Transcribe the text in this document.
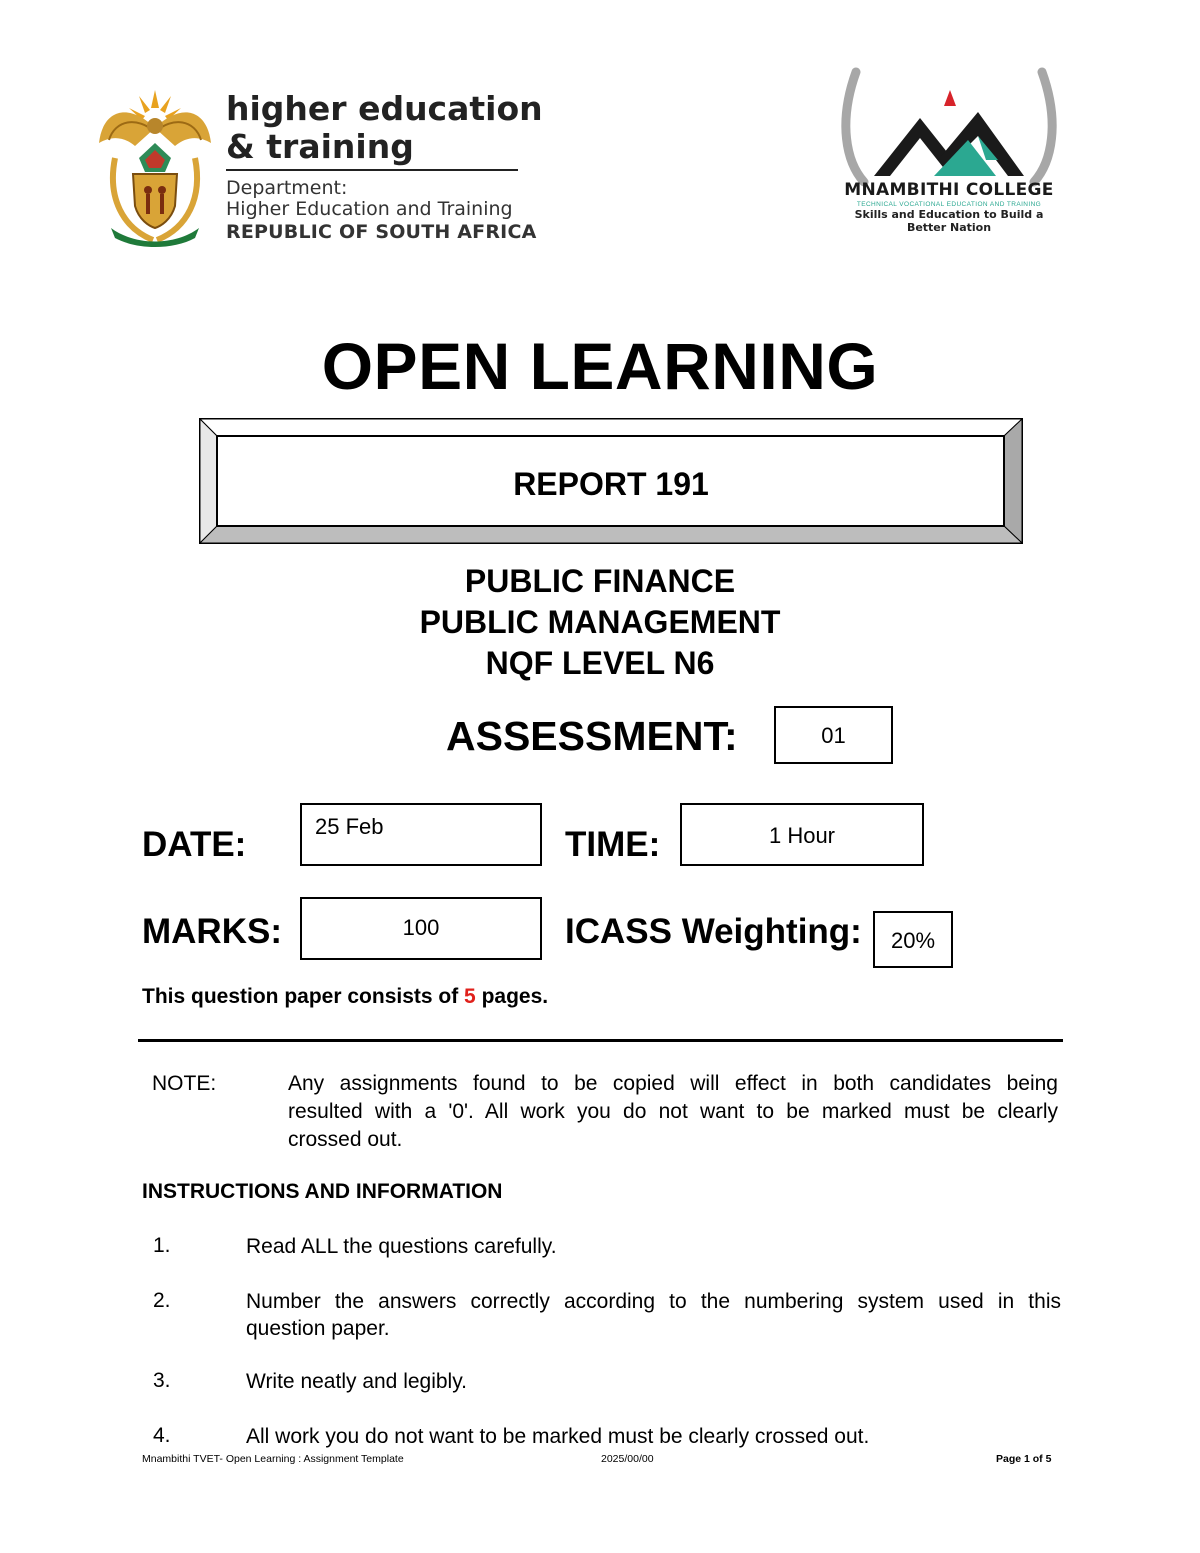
higher education
& training
Department:
Higher Education and Training
REPUBLIC OF SOUTH AFRICA
MNAMBITHI COLLEGE
TECHNICAL VOCATIONAL EDUCATION AND TRAINING
Skills and Education to Build a Better Nation
OPEN LEARNING
REPORT 191
PUBLIC FINANCE
PUBLIC MANAGEMENT
NQF LEVEL N6
ASSESSMENT:	01
DATE:	25 Feb	TIME:	1 Hour
MARKS:	100	ICASS Weighting:	20%
This question paper consists of 5 pages.
NOTE:	Any assignments found to be copied will effect in both candidates being
resulted with a '0'. All work you do not want to be marked must be clearly
crossed out.
INSTRUCTIONS AND INFORMATION
1.	Read ALL the questions carefully.
2.	Number the answers correctly according to the numbering system used in this
question paper.
3.	Write neatly and legibly.
4.	All work you do not want to be marked must be clearly crossed out.
Mnambithi TVET- Open Learning : Assignment Template	2025/00/00	Page 1 of 5
